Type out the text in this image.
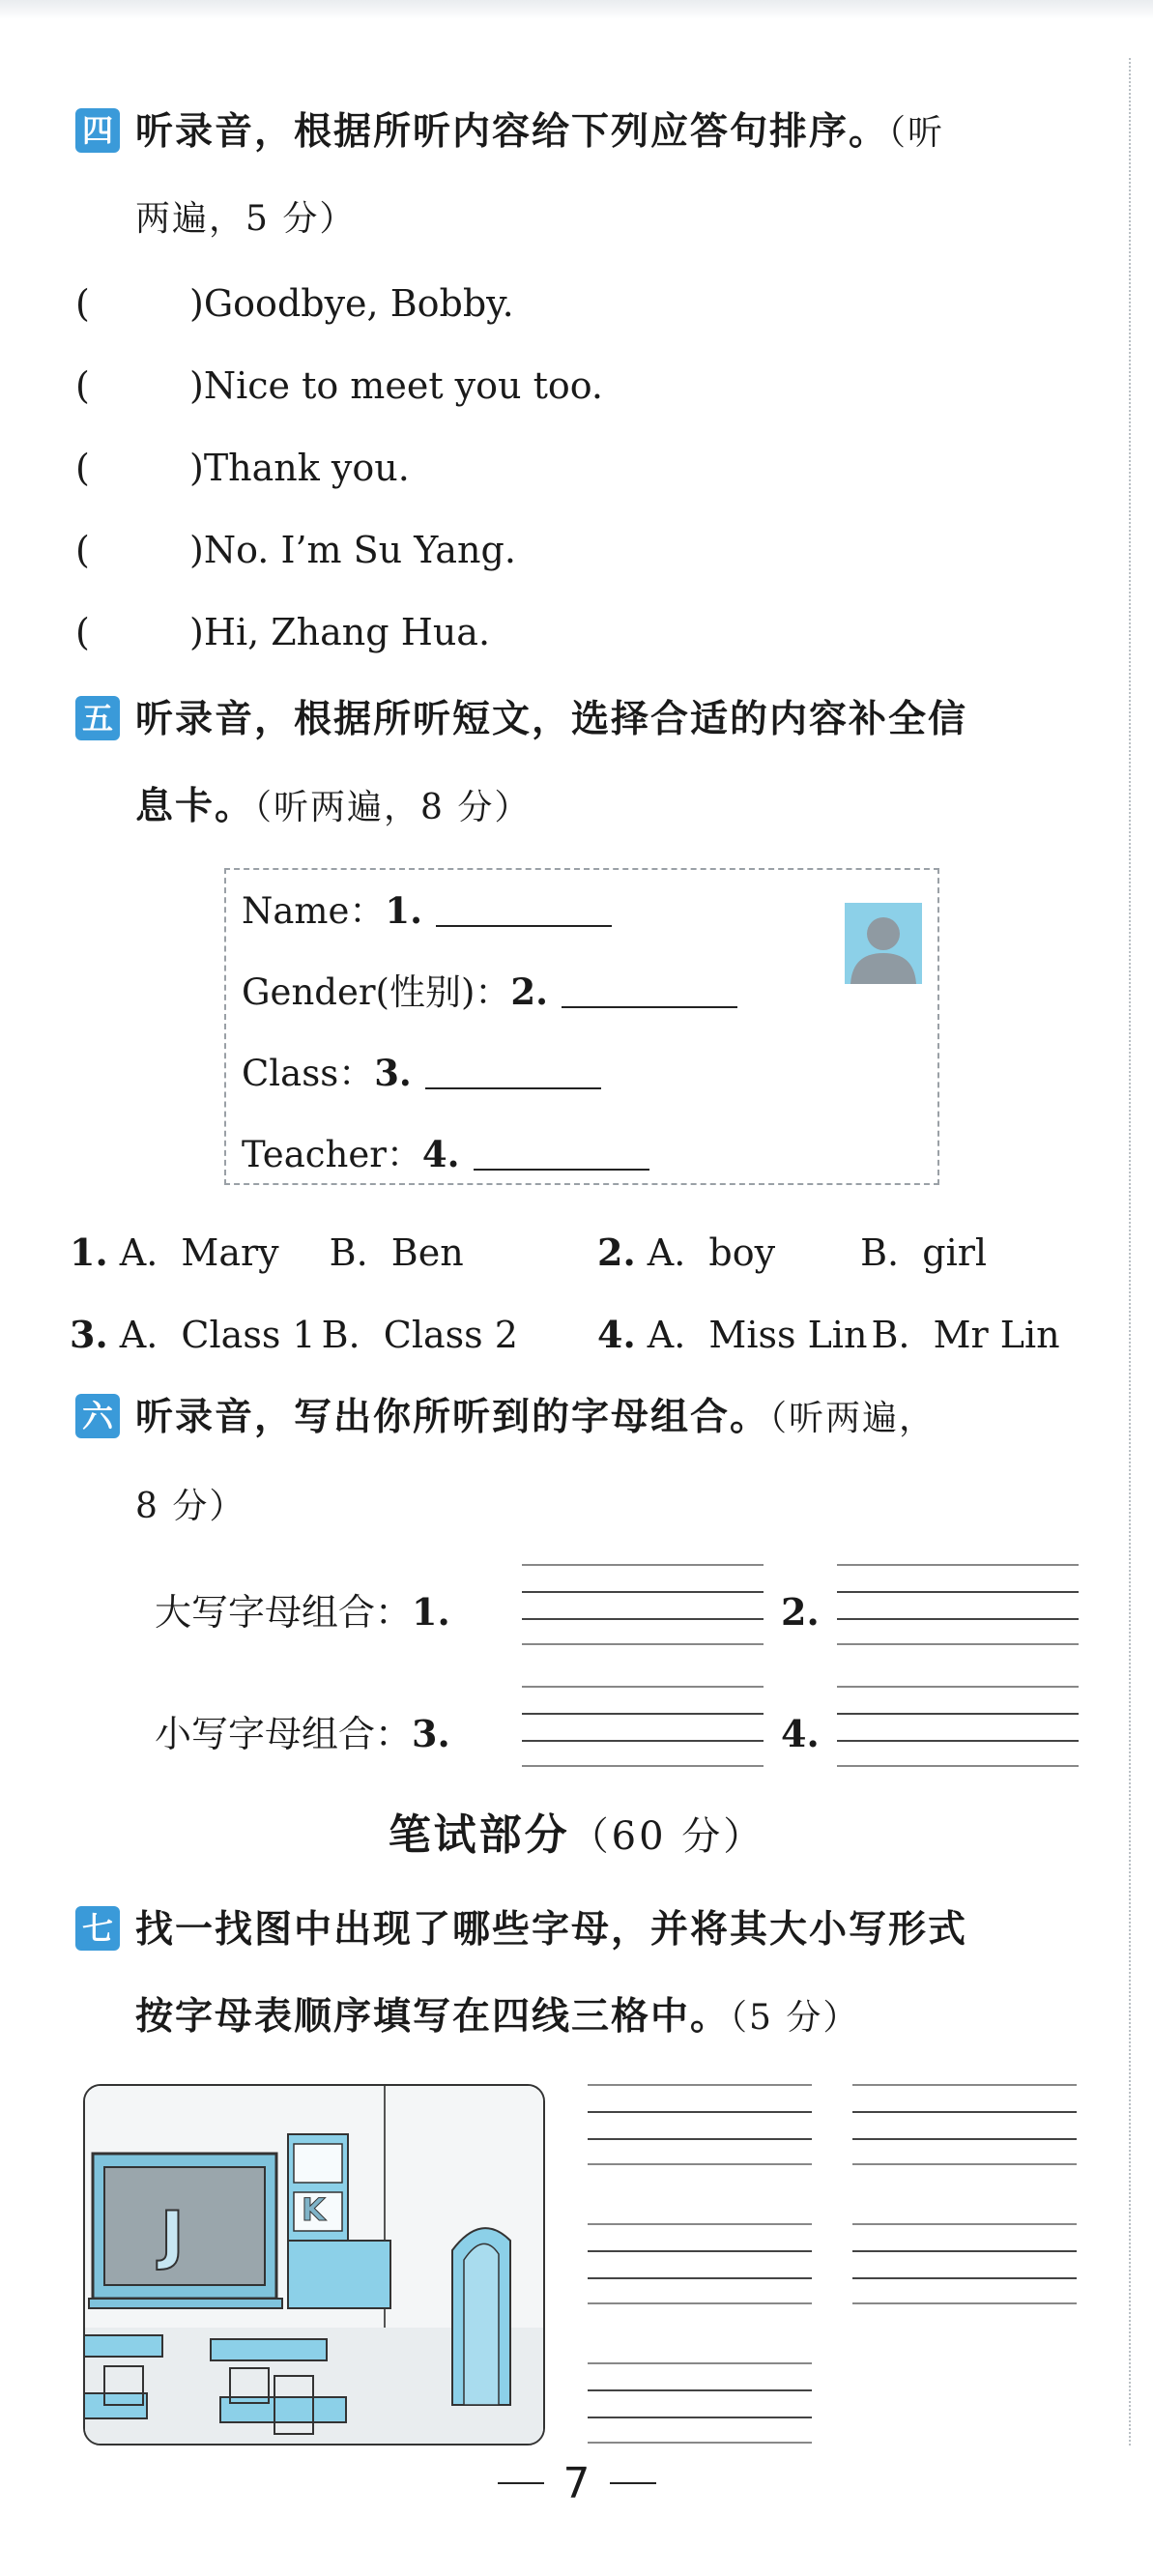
四 听录音，根据所听内容给下列应答句排序。（听
两遍，5 分）
(	)Goodbye, Bobby.
(	)Nice to meet you too.
(	)Thank you.
(	)No. I’m Su Yang.
(	)Hi, Zhang Hua.
五 听录音，根据所听短文，选择合适的内容补全信
息卡。（听两遍，8 分）
Name：1.
Gender(性别)：2.
Class：3.
Teacher：4.
1. A.  Mary B.  Ben	2. A.  boy B.  girl
3. A.  Class 1 B.  Class 2 4. A.  Miss Lin B.  Mr Lin
六 听录音，写出你所听到的字母组合。（听两遍，
8 分）
大写字母组合：1.	2.
小写字母组合：3.	4.
笔试部分（60 分）
七 找一找图中出现了哪些字母，并将其大小写形式
按字母表顺序填写在四线三格中。（5 分）
J	K
7
